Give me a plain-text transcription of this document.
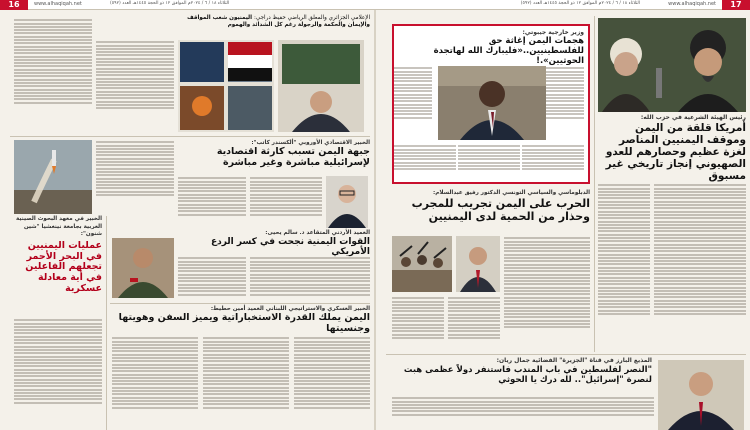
17
www.alhaqiqah.net
الثلاثاء ١٨ / ٦ / ٢٠٢٤م الموافق ١٢ ذو الحجة ١٤٤٥هـ العدد (٥٩٢)
الثلاثاء ١٨ / ٦ / ٢٠٢٤م الموافق ١٢ ذو الحجة ١٤٤٥هـ العدد (٥٩٢)
www.alhaqiqah.net
16
رئيس الهيئة الشرعية في حزب الله:
أمريكا قلقة من اليمن وموقف اليمنيين المناصر لغزة عظيم وحصارهم للعدو الصهيوني إنجاز تاريخي غير مسبوق
وزير خارجية جيبوتي:
هجمات اليمن إغاثة حق للفلسطينيين..«فليبارك الله لهاتجدة الحوثيين».!
الدبلوماسي والسياسي التونسي الدكتور رفيق عبدالسلام:
الحرب على اليمن تجريب للمجرب وحذار من الحمية لدى اليمنيين
المذيع البارز في قناة "الجزيرة" الفضائية جمال ريان:
"النصر لفلسطين في باب المندب فاستنفر دولاً عظمى هبت لنصرة "إسرائيل".. لله درك يا الحوثي
الإعلامي الجزائري والمعلق الرياضي حفيظ دراجي: اليمنيون شعب المواقف والإيمان والحكمة والرجولة رغم كل الشدائد والهموم
الخبير الاقتصادي الأوروبي "ألكسندر كاتب":
جبهة اليمن تسبب كارثة اقتصادية لإسرائيلية مباشرة وغير مباشرة
الخبير في معهد البحوث الصينية العربية بجامعة نينغشيا "شين شنون":
عمليات اليمنيين في البحر الأحمر تجعلهم الفاعلين في أية معادلة عسكرية
العميد الأردني المتقاعد د. سالم يحيى:
القوات اليمنية نجحت في كسر الردع الأمريكي
الخبير العسكري والاستراتيجي اللبناني العميد أمين حطيط:
اليمن يملك القدرة الاستخباراتية ويميز السفن وهويتها وجنسيتها
